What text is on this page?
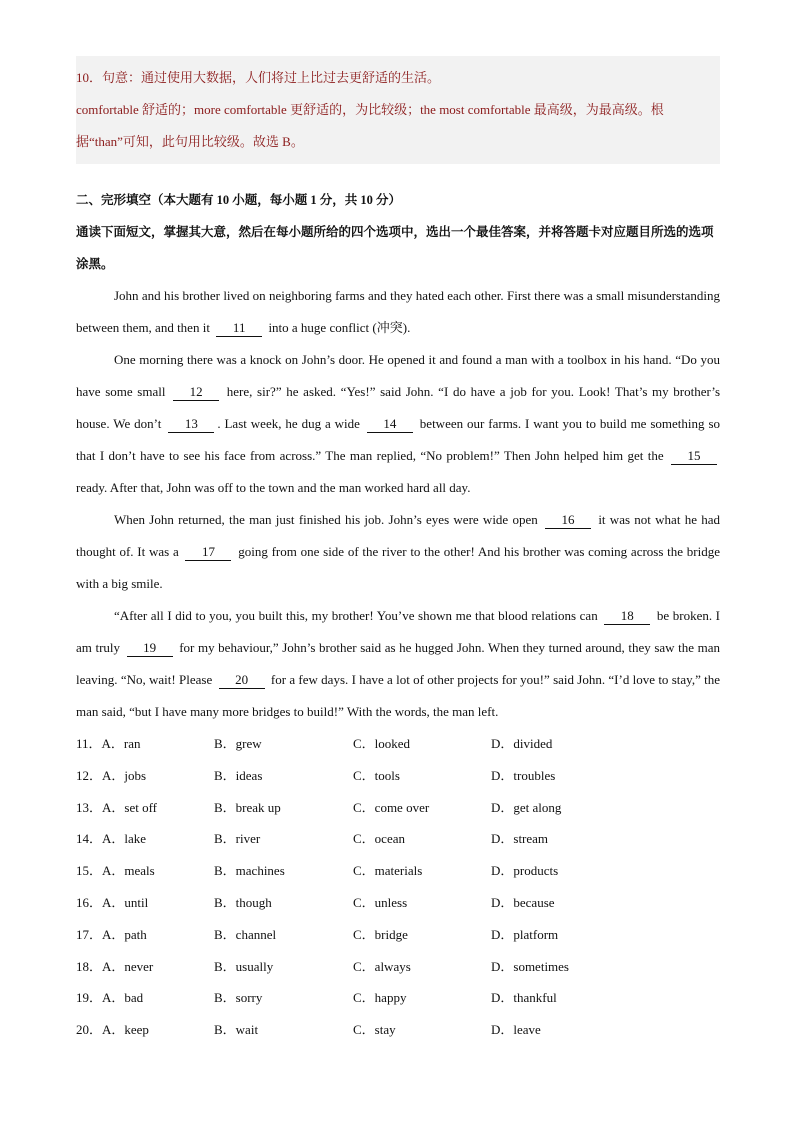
10．句意：通过使用大数据，人们将过上比过去更舒适的生活。

comfortable 舒适的；more comfortable 更舒适的，为比较级；the most comfortable 最高级，为最高级。根据“than”可知，此句用比较级。故选 B。

二、完形填空（本大题有 10 小题，每小题 1 分，共 10 分）

通读下面短文，掌握其大意，然后在每小题所给的四个选项中，选出一个最佳答案，并将答题卡对应题目所选的选项涂黑。

John and his brother lived on neighboring farms and they hated each other. First there was a small misunderstanding between them, and then it 11 into a huge conflict (冲突).

One morning there was a knock on John’s door. He opened it and found a man with a toolbox in his hand. “Do you have some small 12 here, sir?” he asked. “Yes!” said John. “I do have a job for you. Look! That’s my brother’s house. We don’t 13 . Last week, he dug a wide 14 between our farms. I want you to build me something so that I don’t have to see his face from across.” The man replied, “No problem!” Then John helped him get the 15 ready. After that, John was off to the town and the man worked hard all day.

When John returned, the man just finished his job. John’s eyes were wide open 16 it was not what he had thought of. It was a 17 going from one side of the river to the other! And his brother was coming across the bridge with a big smile.

“After all I did to you, you built this, my brother! You’ve shown me that blood relations can 18 be broken. I am truly 19 for my behaviour,” John’s brother said as he hugged John. When they turned around, they saw the man leaving. “No, wait! Please 20 for a few days. I have a lot of other projects for you!” said John. “I’d love to stay,” the man said, “but I have many more bridges to build!” With the words, the man left.

11．A．ran	B．grew	C．looked	D．divided
12．A．jobs	B．ideas	C．tools	D．troubles
13．A．set off	B．break up	C．come over	D．get along
14．A．lake	B．river	C．ocean	D．stream
15．A．meals	B．machines	C．materials	D．products
16．A．until	B．though	C．unless	D．because
17．A．path	B．channel	C．bridge	D．platform
18．A．never	B．usually	C．always	D．sometimes
19．A．bad	B．sorry	C．happy	D．thankful
20．A．keep	B．wait	C．stay	D．leave
